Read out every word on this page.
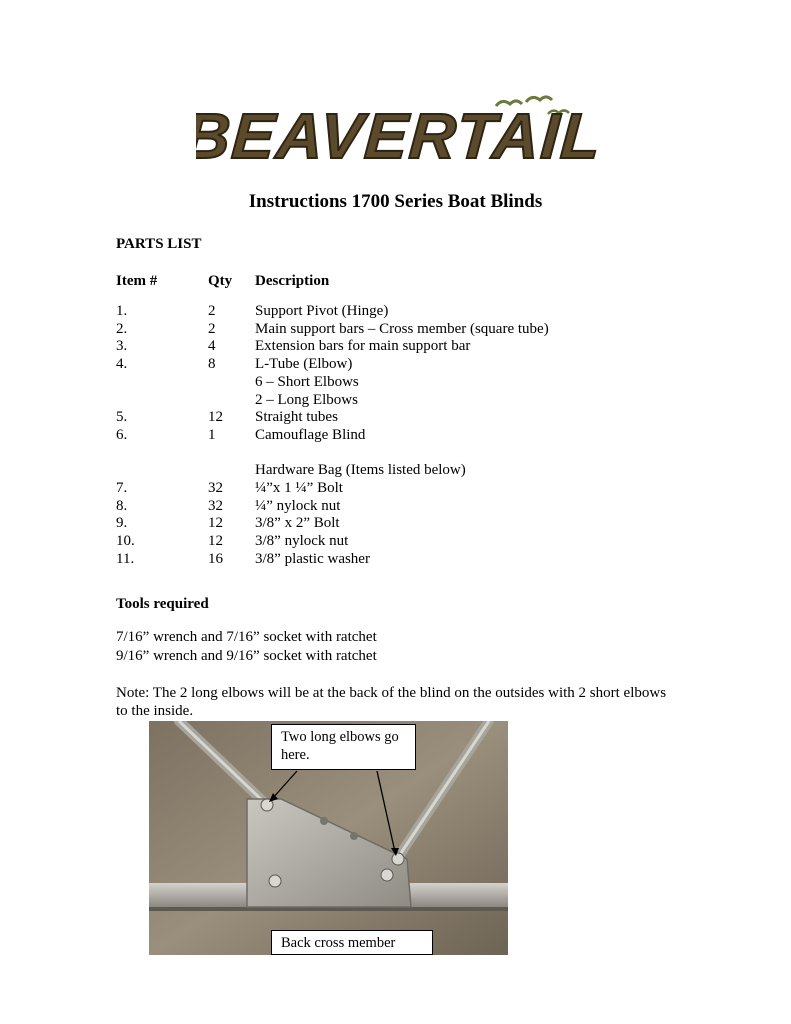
BEAVERTAIL
Instructions 1700 Series Boat Blinds
PARTS LIST
Item #	Qty	Description
1.	2	Support Pivot (Hinge)
2.	2	Main support bars – Cross member (square tube)
3.	4	Extension bars for main support bar
4.	8	L-Tube (Elbow)
		6 – Short Elbows
		2 – Long Elbows
5.	12	Straight tubes
6.	1	Camouflage Blind

		Hardware Bag (Items listed below)
7.	32	¼”x 1 ¼” Bolt
8.	32	¼” nylock nut
9.	12	3/8” x 2” Bolt
10.	12	3/8” nylock nut
11.	16	3/8” plastic washer
Tools required
7/16” wrench and 7/16” socket with ratchet
9/16” wrench and 9/16” socket with ratchet
Note: The 2 long elbows will be at the back of the blind on the outsides with 2 short elbows to the inside.
Two long elbows go here.
Back cross member
